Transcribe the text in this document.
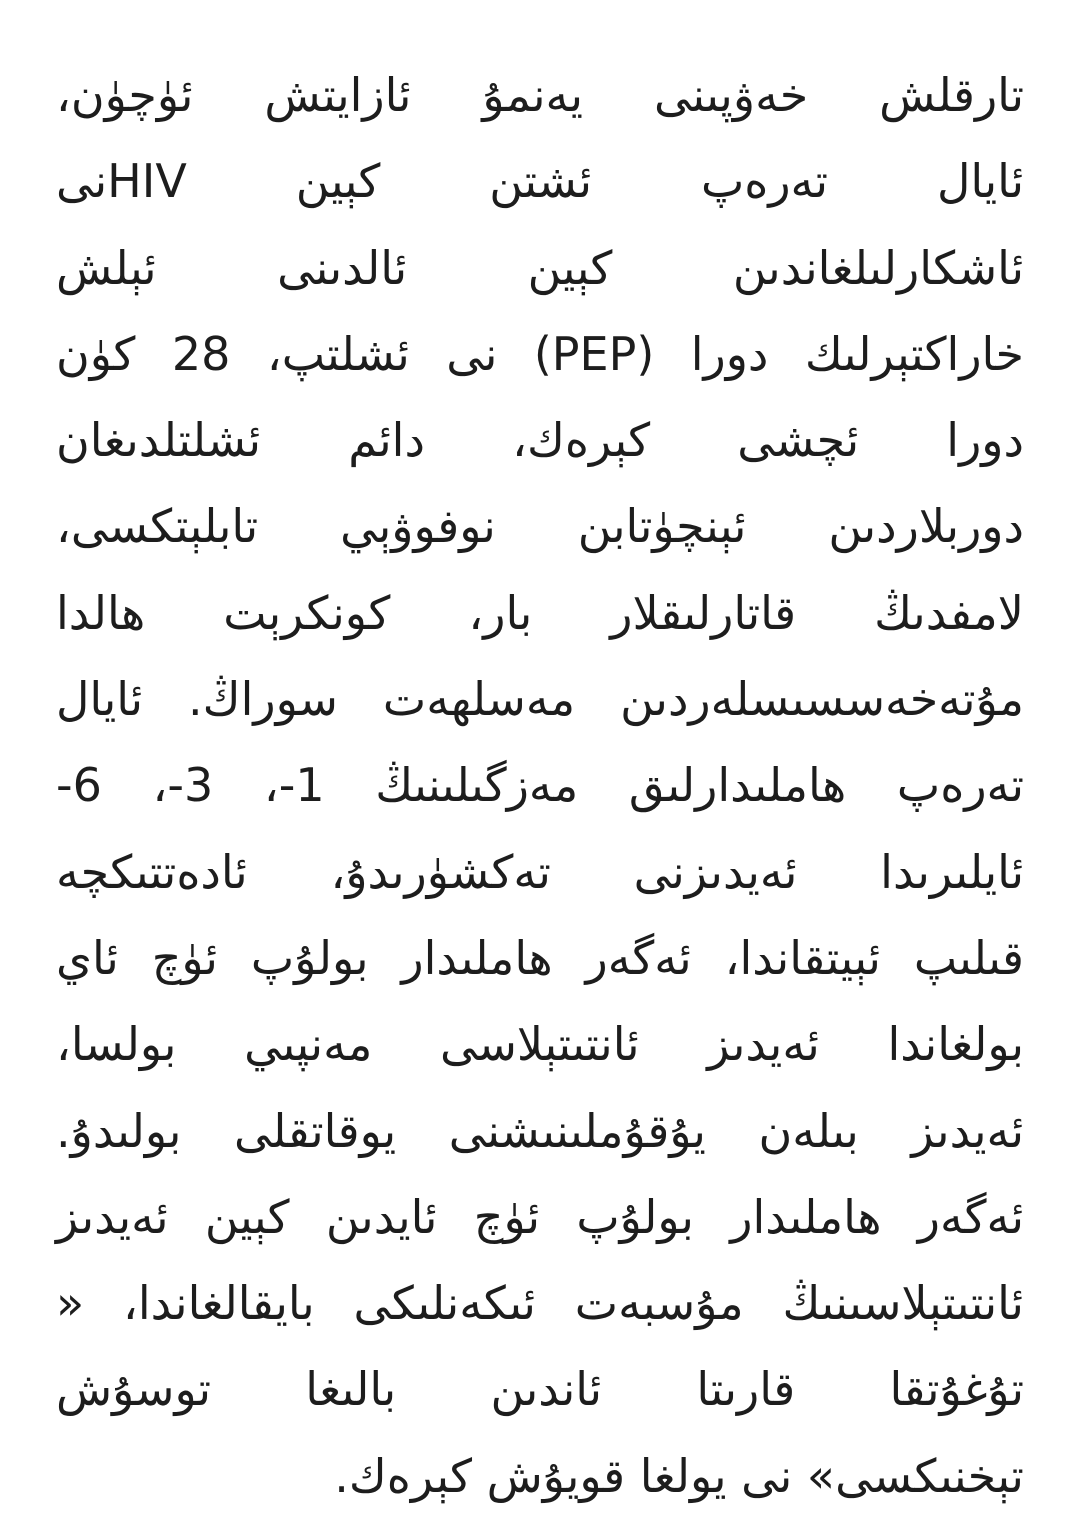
تارقلش خەۋپىنى يەنمۇ ئازايتش ئۈچۈن،
ئايال تەرەپ ئشتن كېين HIVنى
ئاشكارلىلغاندىن كېين ئالدىنى ئېلش
خاراكتېرلىك دورا (PEP) نى ئشلتپ، 28 كۈن
دورا ئچشى كېرەك، دائم ئشلتلدىغان
دوربلاردىن ئېنچۈتابن نوفوۋېي تابلېتكسى،
لامفدىڭ قاتارلىقلار بار، كونكرېت هالدا
مۇتەخەسسىسلەردىن مەسلھەت سوراڭ. ئايال
تەرەپ هاملىدارلىق مەزگىلىنىڭ 1-، 3-، 6-
ئايلىرىدا ئەيدىزنى تەكشۈرىدۇ، ئادەتتىكچە
قىلىپ ئېيتقاندا، ئەگەر هاملىدار بولۇپ ئۈچ ئاي
بولغاندا ئەيدىز ئانتىتېلاسى مەنپىي بولسا،
ئەيدىز بىلەن يۇقۇملىنىشنى يوقاتقلى بولىدۇ.
ئەگەر هاملىدار بولۇپ ئۈچ ئايدىن كېين ئەيدىز
ئانتىتېلاسىنىڭ مۇسبەت ئىكەنلىكى بايقالغاندا، «
تۇغۇتقا قارىتا ئاندىن بالىغا توسۇش
تېخنىكسى» نى يولغا قويۇش كېرەك.
